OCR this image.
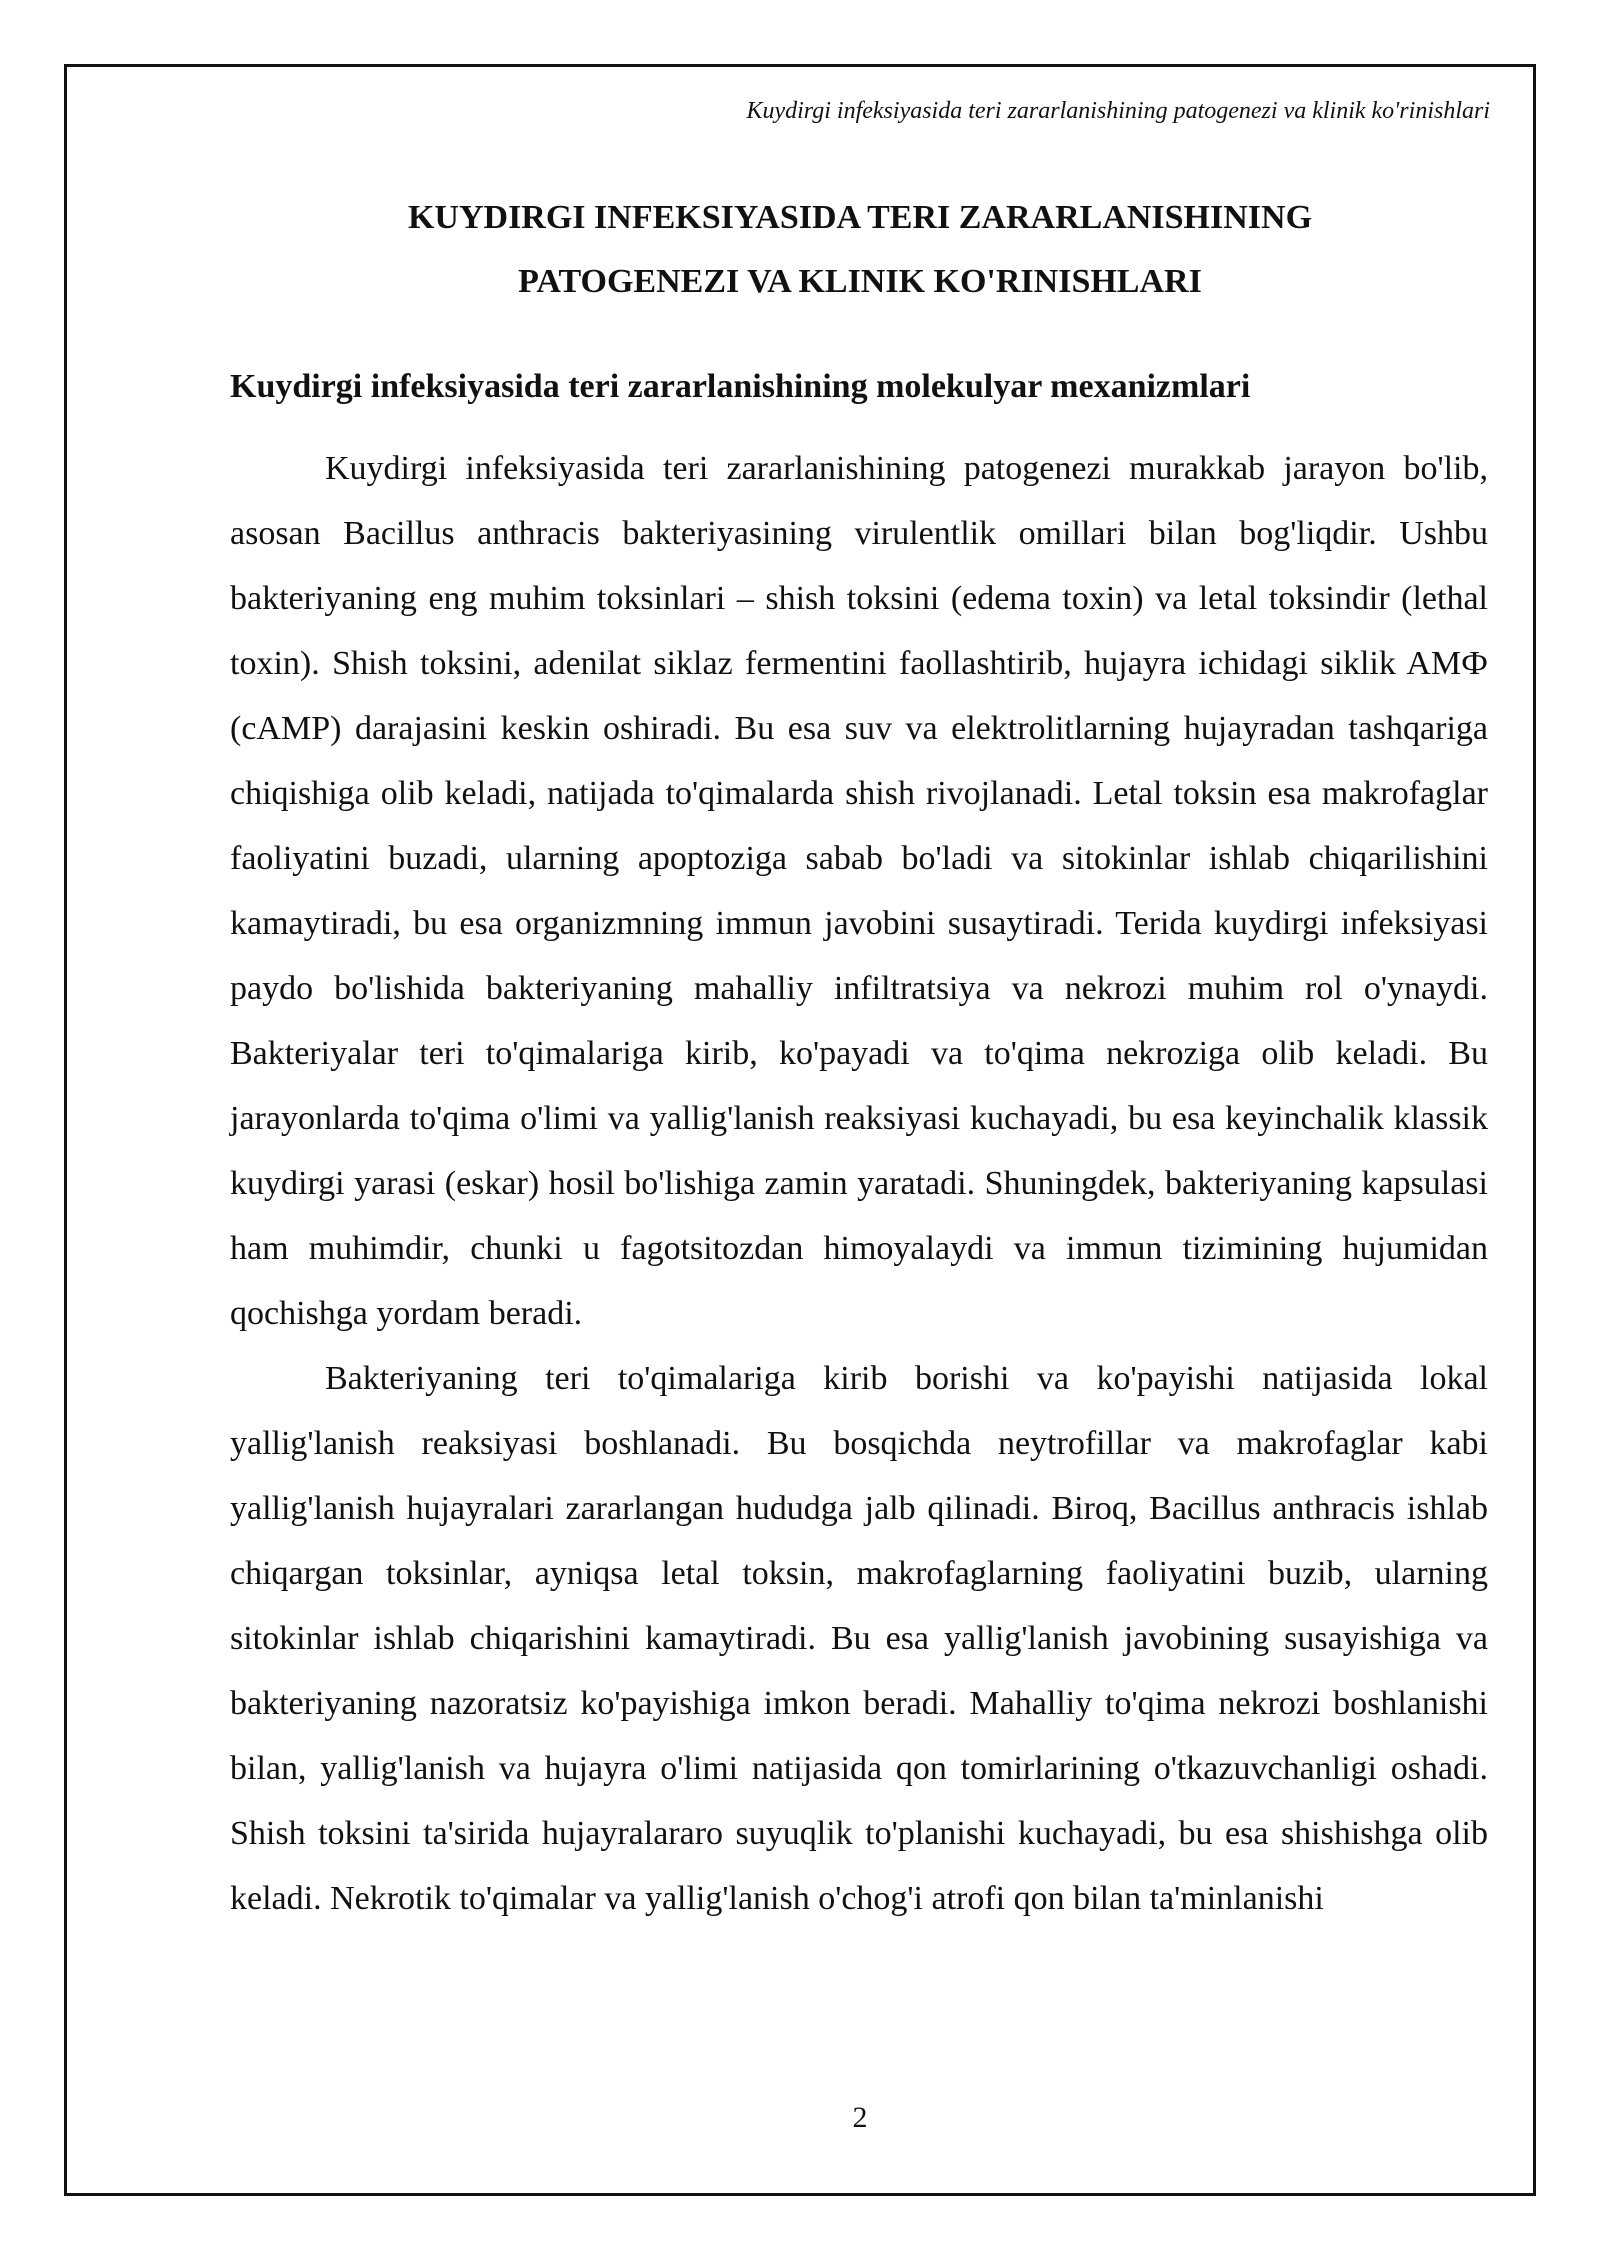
Kuydirgi infeksiyasida teri zararlanishining patogenezi va klinik ko'rinishlari
KUYDIRGI INFEKSIYASIDA TERI ZARARLANISHINING
PATOGENEZI VA KLINIK KO'RINISHLARI
Kuydirgi infeksiyasida teri zararlanishining molekulyar mexanizmlari

Kuydirgi infeksiyasida teri zararlanishining patogenezi murakkab jarayon bo'lib, asosan Bacillus anthracis bakteriyasining virulentlik omillari bilan bog'liqdir. Ushbu bakteriyaning eng muhim toksinlari – shish toksini (edema toxin) va letal toksindir (lethal toxin). Shish toksini, adenilat siklaz fermentini faollashtirib, hujayra ichidagi siklik AMФ (cAMP) darajasini keskin oshiradi. Bu esa suv va elektrolitlarning hujayradan tashqariga chiqishiga olib keladi, natijada to'qimalarda shish rivojlanadi. Letal toksin esa makrofaglar faoliyatini buzadi, ularning apoptoziga sabab bo'ladi va sitokinlar ishlab chiqarilishini kamaytiradi, bu esa organizmning immun javobini susaytiradi. Terida kuydirgi infeksiyasi paydo bo'lishida bakteriyaning mahalliy infiltratsiya va nekrozi muhim rol o'ynaydi. Bakteriyalar teri to'qimalariga kirib, ko'payadi va to'qima nekroziga olib keladi. Bu jarayonlarda to'qima o'limi va yallig'lanish reaksiyasi kuchayadi, bu esa keyinchalik klassik kuydirgi yarasi (eskar) hosil bo'lishiga zamin yaratadi. Shuningdek, bakteriyaning kapsulasi ham muhimdir, chunki u fagotsitozdan himoyalaydi va immun tizimining hujumidan qochishga yordam beradi.

Bakteriyaning teri to'qimalariga kirib borishi va ko'payishi natijasida lokal yallig'lanish reaksiyasi boshlanadi. Bu bosqichda neytrofillar va makrofaglar kabi yallig'lanish hujayralari zararlangan hududga jalb qilinadi. Biroq, Bacillus anthracis ishlab chiqargan toksinlar, ayniqsa letal toksin, makrofaglarning faoliyatini buzib, ularning sitokinlar ishlab chiqarishini kamaytiradi. Bu esa yallig'lanish javobining susayishiga va bakteriyaning nazoratsiz ko'payishiga imkon beradi. Mahalliy to'qima nekrozi boshlanishi bilan, yallig'lanish va hujayra o'limi natijasida qon tomirlarining o'tkazuvchanligi oshadi. Shish toksini ta'sirida hujayralararo suyuqlik to'planishi kuchayadi, bu esa shishishga olib keladi. Nekrotik to'qimalar va yallig'lanish o'chog'i atrofi qon bilan ta'minlanishi

2
